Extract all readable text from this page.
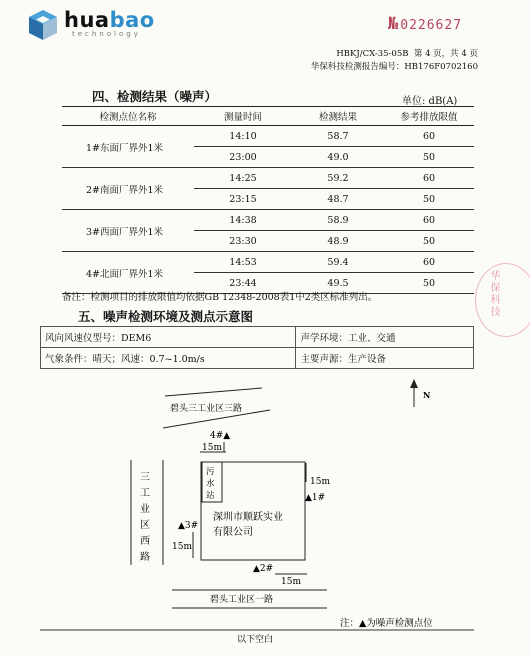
huabao
technology	№ 0226627
HBKJ/CX-35-05B 第 4 页，共 4 页
华保科技检测报告编号：HB176F0702160
四、检测结果（噪声）	单位: dB(A)
检测点位名称	测量时间	检测结果	参考排放限值
1#东面厂界外1米	14:10	58.7	60
	23:00	49.0	50
2#南面厂界外1米	14:25	59.2	60
	23:15	48.7	50
3#西面厂界外1米	14:38	58.9	60
	23:30	48.9	50
4#北面厂界外1米	14:53	59.4	60
	23:44	49.5	50
备注：检测项目的排放限值均依据GB 12348-2008表1中2类区标准列出。
五、噪声检测环境及测点示意图
风向风速仪型号：DEM6	声学环境：工业、交通
气象条件：晴天；风速：0.7~1.0m/s	主要声源：生产设备
碧头三工业区三路
三
工
业
区
西
路
污
水
站
深圳市顺跃实业
有限公司
4#▲
15m
15m
▲1#
▲3#
15m
▲2#
15m
碧头工业区一路
N
注：▲为噪声检测点位
以下空白
华保科技
